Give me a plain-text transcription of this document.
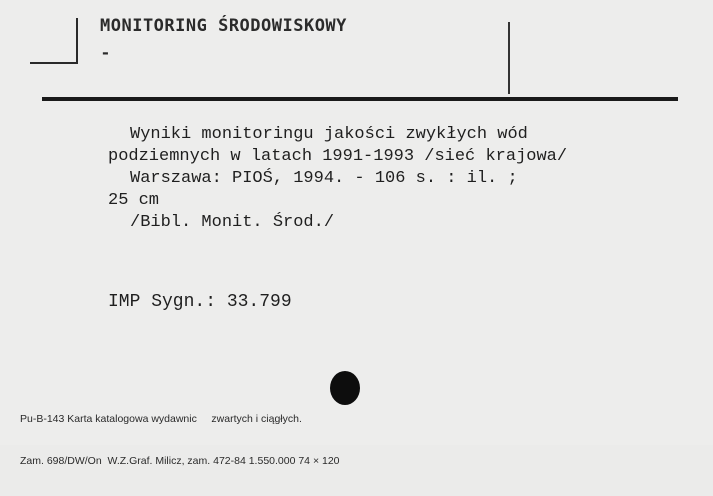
MONITORING ŚRODOWISKOWY
-

Wyniki monitoringu jakości zwykłych wód

podziemnych w latach 1991-1993 /sieć krajowa/

Warszawa: PIOŚ, 1994. - 106 s. : il. ;

25 cm

/Bibl. Monit. Środ./

IMP Sygn.: 33.799

Pu-B-143 Karta katalogowa wydawnic     zwartych i ciągłych.

Zam. 698/DW/On  W.Z.Graf. Milicz, zam. 472-84 1.550.000 74 × 120
